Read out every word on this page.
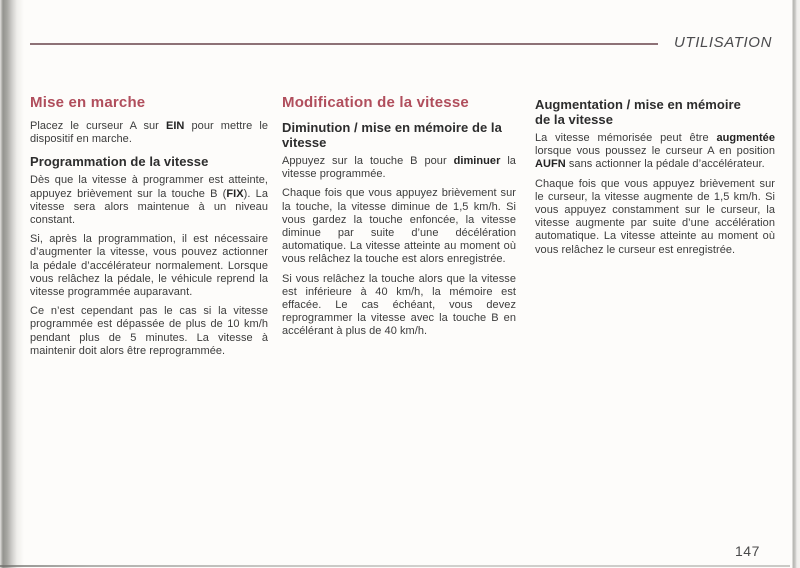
UTILISATION
Mise en marche

Placez le curseur A sur EIN pour mettre le dispositif en marche.

Programmation de la vitesse

Dès que la vitesse à programmer est atteinte, appuyez brièvement sur la touche B (FIX). La vitesse sera alors maintenue à un niveau constant.

Si, après la programmation, il est nécessaire d’augmenter la vitesse, vous pouvez actionner la pédale d’accélérateur normalement. Lorsque vous relâchez la pédale, le véhicule reprend la vitesse programmée auparavant.

Ce n’est cependant pas le cas si la vitesse programmée est dépassée de plus de 10 km/h pendant plus de 5 minutes. La vitesse à maintenir doit alors être reprogrammée.

Modification de la vitesse
Diminution / mise en mémoire de la vitesse

Appuyez sur la touche B pour diminuer la vitesse programmée.

Chaque fois que vous appuyez brièvement sur la touche, la vitesse diminue de 1,5 km/h. Si vous gardez la touche enfoncée, la vitesse diminue par suite d’une décélération automatique. La vitesse atteinte au moment où vous relâchez la touche est alors enregistrée.

Si vous relâchez la touche alors que la vitesse est inférieure à 40 km/h, la mémoire est effacée. Le cas échéant, vous devez reprogrammer la vitesse avec la touche B en accélérant à plus de 40 km/h.

Augmentation / mise en mémoire de la vitesse

La vitesse mémorisée peut être augmentée lorsque vous poussez le curseur A en position AUFN sans actionner la pédale d’accélérateur.

Chaque fois que vous appuyez brièvement sur le curseur, la vitesse augmente de 1,5 km/h. Si vous appuyez constamment sur le curseur, la vitesse augmente par suite d’une accélération automatique. La vitesse atteinte au moment où vous relâchez le curseur est enregistrée.

147
